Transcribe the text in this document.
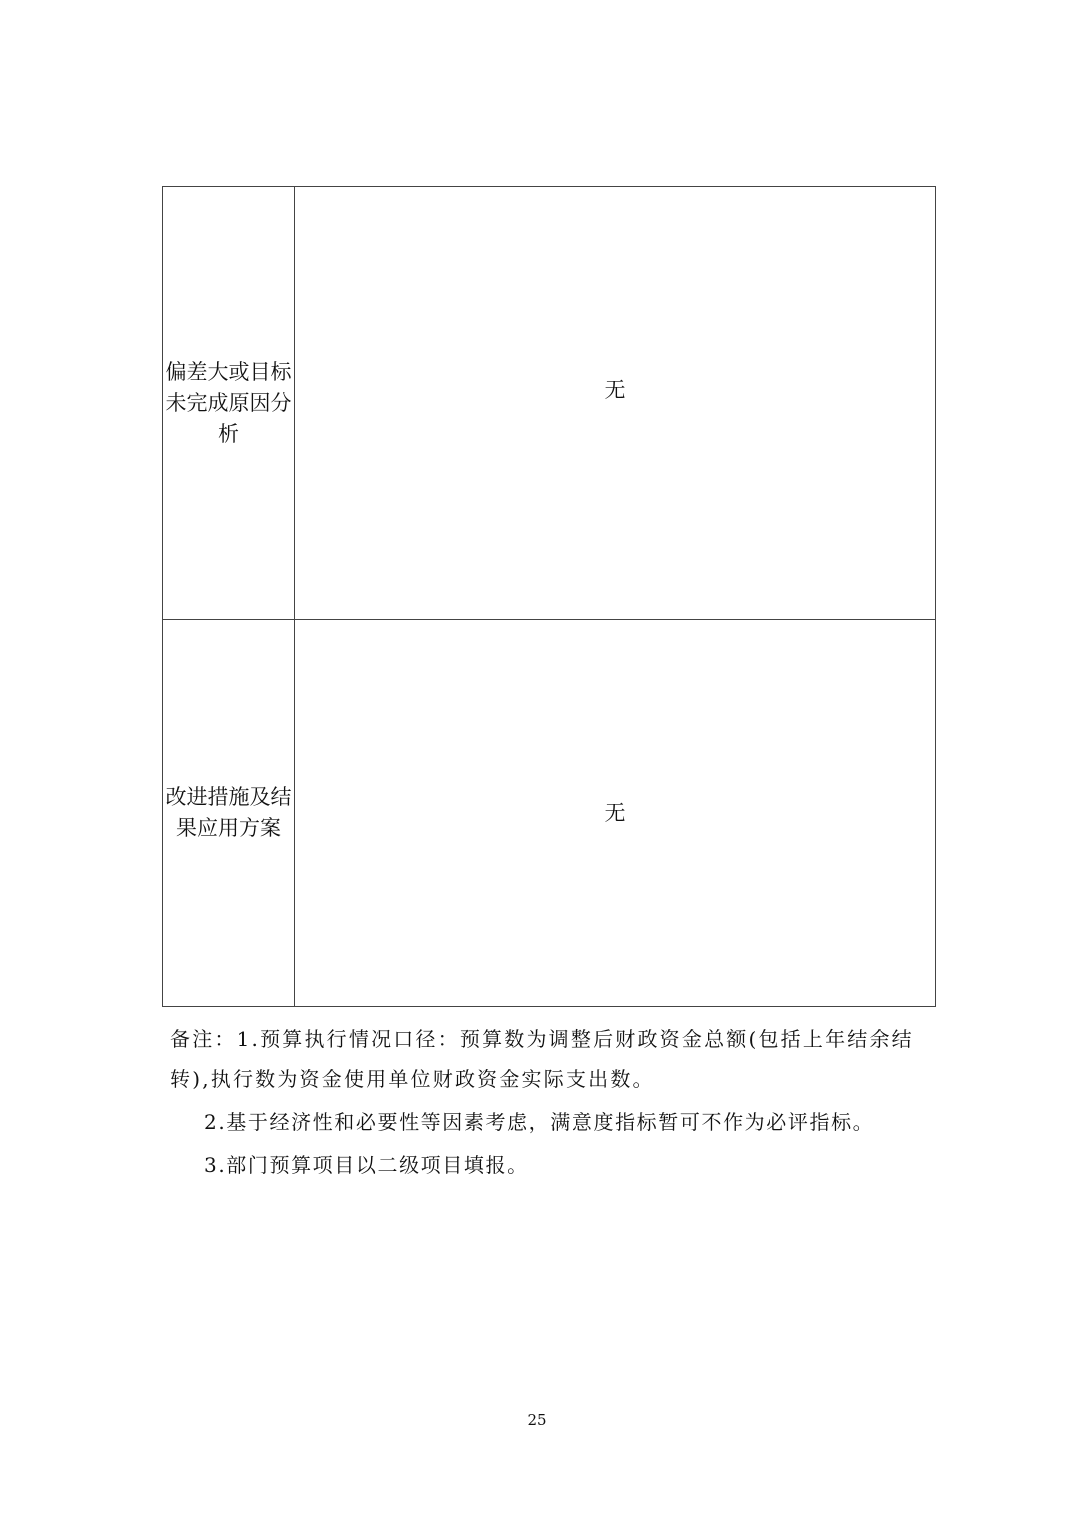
偏差大或目标未完成原因分析	无
改进措施及结果应用方案	无

备注：1.预算执行情况口径：预算数为调整后财政资金总额(包括上年结余结转),执行数为资金使用单位财政资金实际支出数。

2.基于经济性和必要性等因素考虑，满意度指标暂可不作为必评指标。

3.部门预算项目以二级项目填报。

25
